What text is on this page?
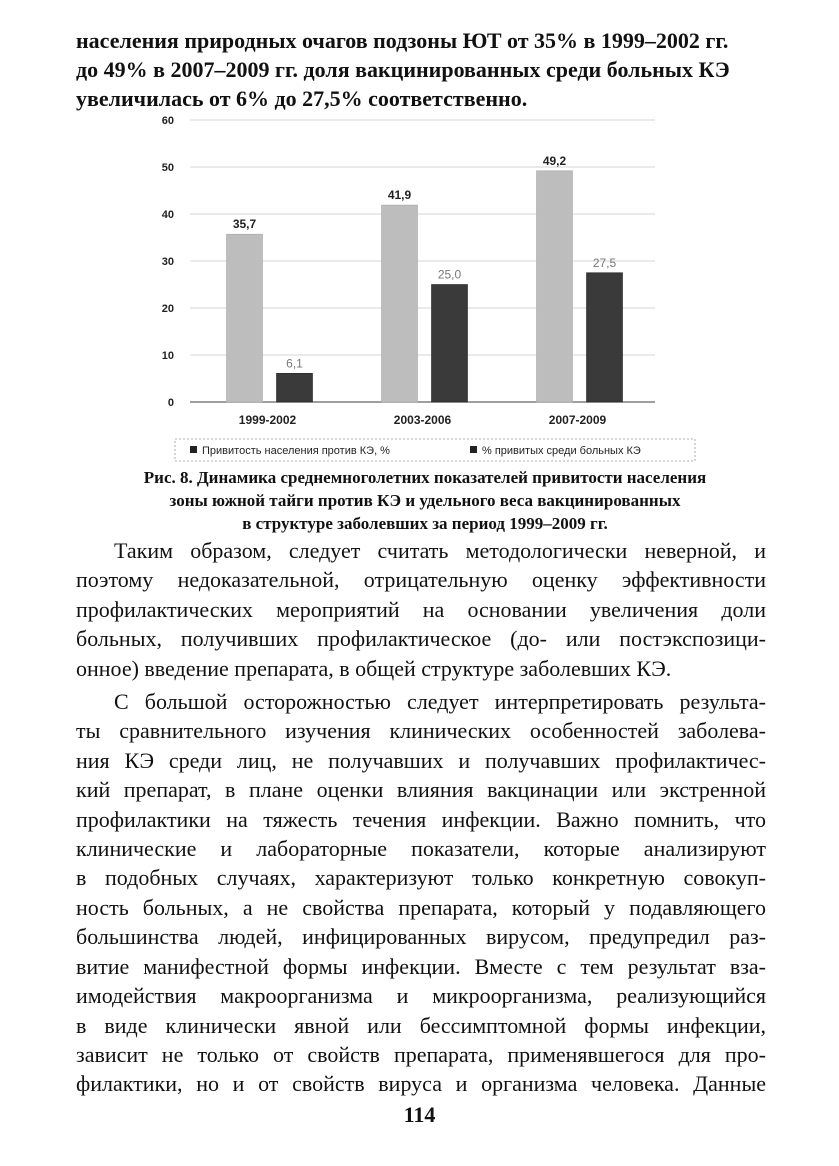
населения природных очагов подзоны ЮТ от 35% в 1999–2002 гг.
до 49% в 2007–2009 гг. доля вакцинированных среди больных КЭ
увеличилась от 6% до 27,5% соответственно.
0
10
20
30
40
50
60
35,7
6,1
41,9
25,0
49,2
27,5
1999-2002	2003-2006	2007-2009
Привитость населения против КЭ, %	% привитых среди больных КЭ
Рис. 8. Динамика среднемноголетних показателей привитости населения
зоны южной тайги против КЭ и удельного веса вакцинированных
в структуре заболевших за период 1999–2009 гг.

Таким образом, следует считать методологически неверной, и
поэтому недоказательной, отрицательную оценку эффективности
профилактических мероприятий на основании увеличения доли
больных, получивших профилактическое (до- или постэкспозици-
онное) введение препарата, в общей структуре заболевших КЭ.

С большой осторожностью следует интерпретировать результа-
ты сравнительного изучения клинических особенностей заболева-
ния КЭ среди лиц, не получавших и получавших профилактичес-
кий препарат, в плане оценки влияния вакцинации или экстренной
профилактики на тяжесть течения инфекции. Важно помнить, что
клинические и лабораторные показатели, которые анализируют
в подобных случаях, характеризуют только конкретную совокуп-
ность больных, а не свойства препарата, который у подавляющего
большинства людей, инфицированных вирусом, предупредил раз-
витие манифестной формы инфекции. Вместе с тем результат вза-
имодействия макроорганизма и микроорганизма, реализующийся
в виде клинически явной или бессимптомной формы инфекции,
зависит не только от свойств препарата, применявшегося для про-
филактики, но и от свойств вируса и организма человека. Данные

114
